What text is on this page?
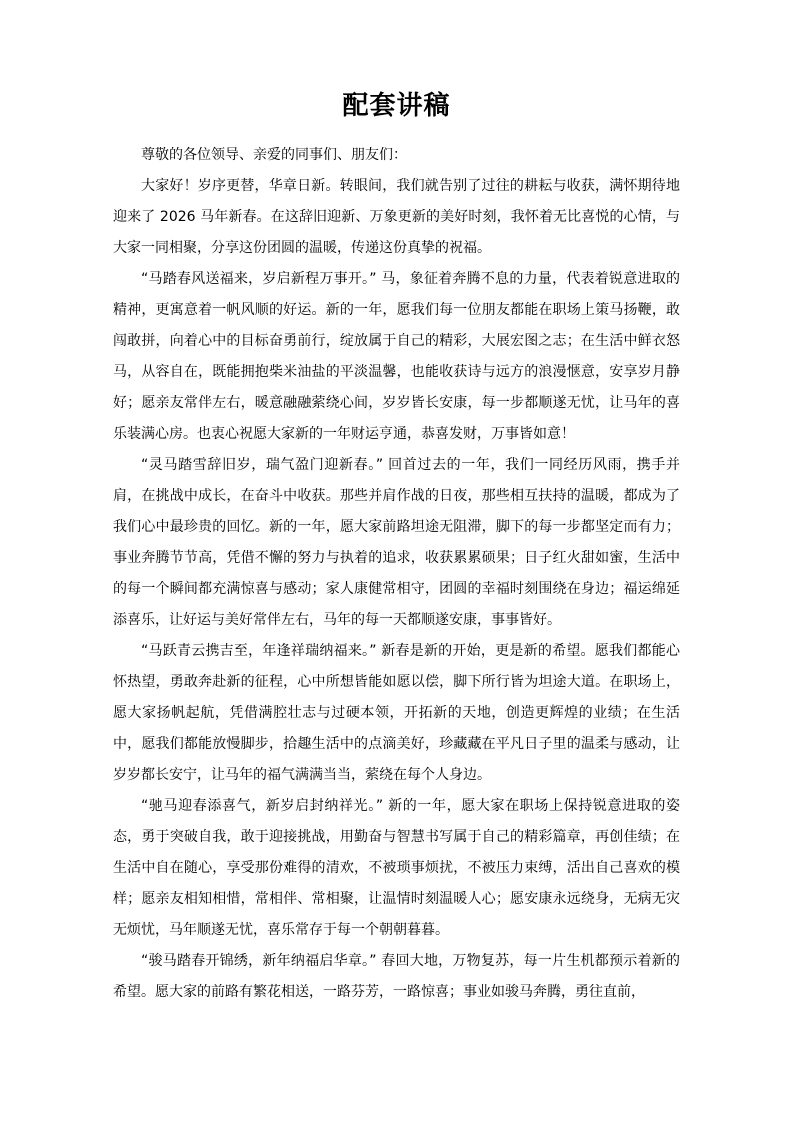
配套讲稿

尊敬的各位领导、亲爱的同事们、朋友们：

大家好！岁序更替，华章日新。转眼间，我们就告别了过往的耕耘与收获，满怀期待地迎来了 2026 马年新春。在这辞旧迎新、万象更新的美好时刻，我怀着无比喜悦的心情，与大家一同相聚，分享这份团圆的温暖，传递这份真挚的祝福。

“马踏春风送福来，岁启新程万事开。” 马，象征着奔腾不息的力量，代表着锐意进取的精神，更寓意着一帆风顺的好运。新的一年，愿我们每一位朋友都能在职场上策马扬鞭，敢闯敢拼，向着心中的目标奋勇前行，绽放属于自己的精彩，大展宏图之志；在生活中鲜衣怒马，从容自在，既能拥抱柴米油盐的平淡温馨，也能收获诗与远方的浪漫惬意，安享岁月静好；愿亲友常伴左右，暖意融融萦绕心间，岁岁皆长安康，每一步都顺遂无忧，让马年的喜乐装满心房。也衷心祝愿大家新的一年财运亨通，恭喜发财，万事皆如意！

“灵马踏雪辞旧岁，瑞气盈门迎新春。” 回首过去的一年，我们一同经历风雨，携手并肩，在挑战中成长，在奋斗中收获。那些并肩作战的日夜，那些相互扶持的温暖，都成为了我们心中最珍贵的回忆。新的一年，愿大家前路坦途无阻滞，脚下的每一步都坚定而有力；事业奔腾节节高，凭借不懈的努力与执着的追求，收获累累硕果；日子红火甜如蜜，生活中的每一个瞬间都充满惊喜与感动；家人康健常相守，团圆的幸福时刻围绕在身边；福运绵延添喜乐，让好运与美好常伴左右，马年的每一天都顺遂安康，事事皆好。

“马跃青云携吉至，年逢祥瑞纳福来。” 新春是新的开始，更是新的希望。愿我们都能心怀热望，勇敢奔赴新的征程，心中所想皆能如愿以偿，脚下所行皆为坦途大道。在职场上，愿大家扬帆起航，凭借满腔壮志与过硬本领，开拓新的天地，创造更辉煌的业绩；在生活中，愿我们都能放慢脚步，拾趣生活中的点滴美好，珍藏藏在平凡日子里的温柔与感动，让岁岁都长安宁，让马年的福气满满当当，萦绕在每个人身边。

“驰马迎春添喜气，新岁启封纳祥光。” 新的一年，愿大家在职场上保持锐意进取的姿态，勇于突破自我，敢于迎接挑战，用勤奋与智慧书写属于自己的精彩篇章，再创佳绩；在生活中自在随心，享受那份难得的清欢，不被琐事烦扰，不被压力束缚，活出自己喜欢的模样；愿亲友相知相惜，常相伴、常相聚，让温情时刻温暖人心；愿安康永远绕身，无病无灾无烦忧，马年顺遂无忧，喜乐常存于每一个朝朝暮暮。

“骏马踏春开锦绣，新年纳福启华章。” 春回大地，万物复苏，每一片生机都预示着新的希望。愿大家的前路有繁花相送，一路芬芳，一路惊喜；事业如骏马奔腾，勇往直前，
